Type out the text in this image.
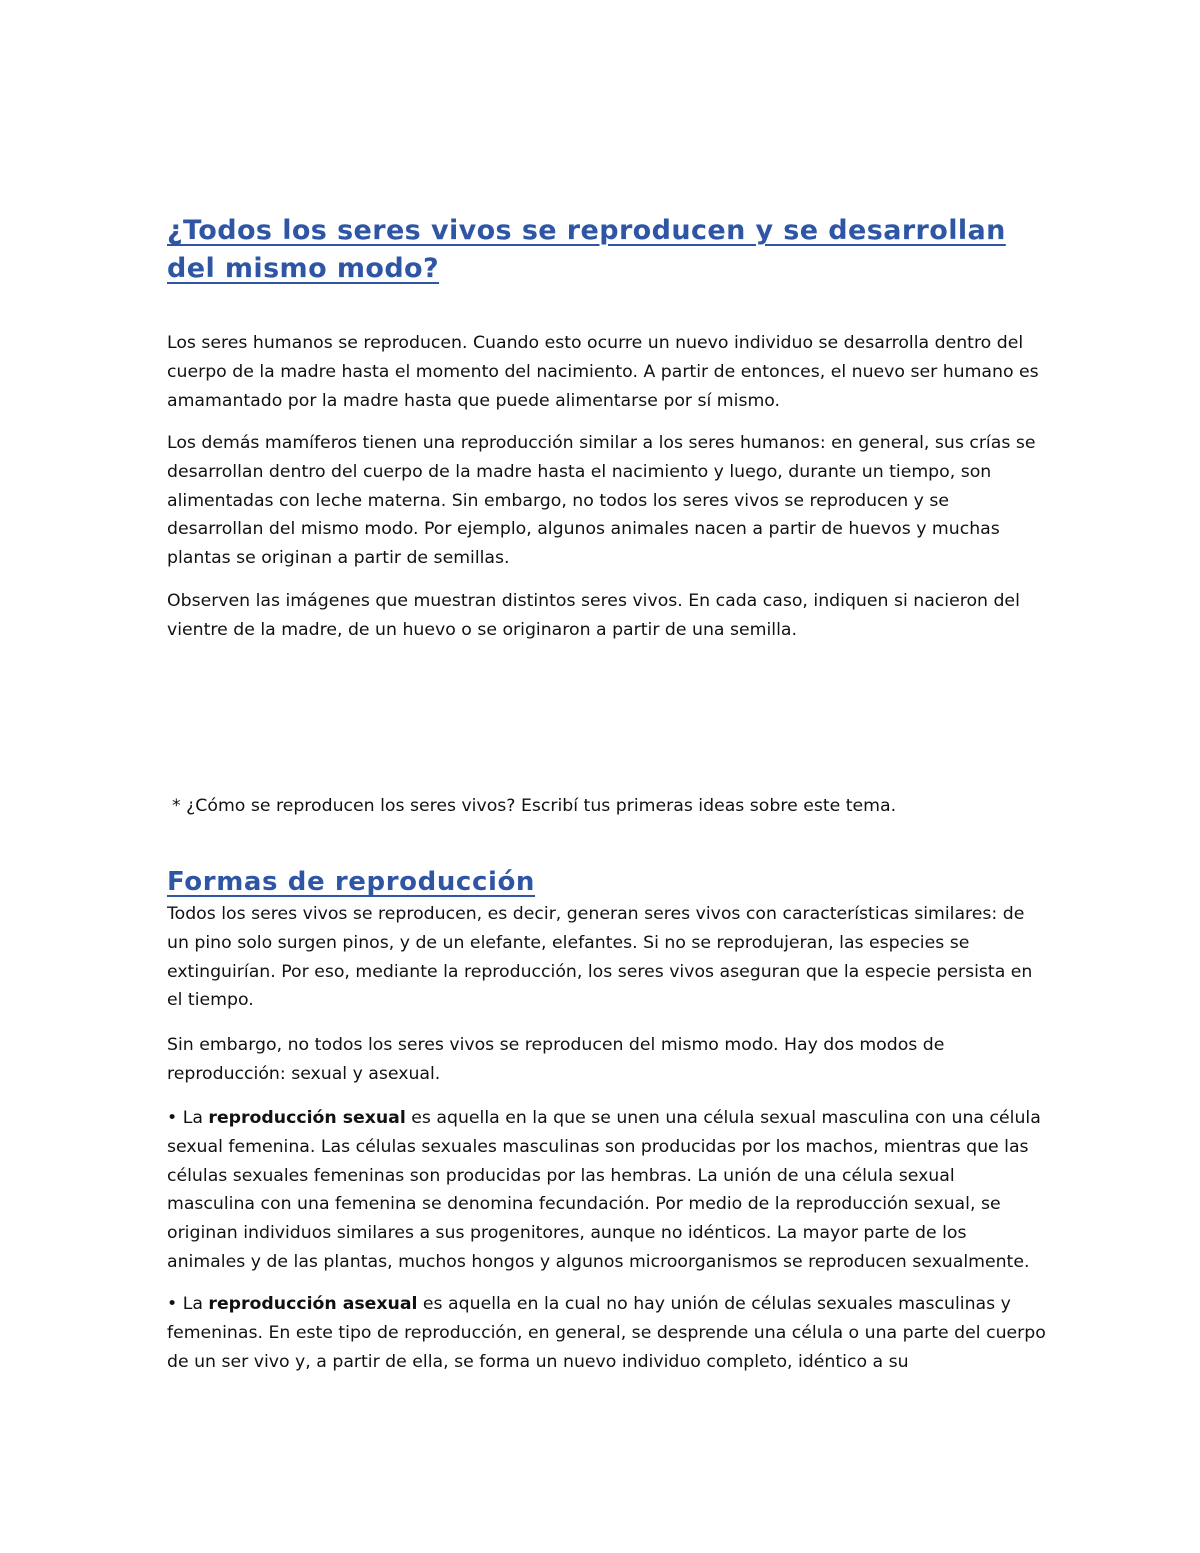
¿Todos los seres vivos se reproducen y se desarrollan del mismo modo?

Los seres humanos se reproducen. Cuando esto ocurre un nuevo individuo se desarrolla dentro del cuerpo de la madre hasta el momento del nacimiento. A partir de entonces, el nuevo ser humano es amamantado por la madre hasta que puede alimentarse por sí mismo.

Los demás mamíferos tienen una reproducción similar a los seres humanos: en general, sus crías se desarrollan dentro del cuerpo de la madre hasta el nacimiento y luego, durante un tiempo, son alimentadas con leche materna. Sin embargo, no todos los seres vivos se reproducen y se desarrollan del mismo modo. Por ejemplo, algunos animales nacen a partir de huevos y muchas plantas se originan a partir de semillas.

Observen las imágenes que muestran distintos seres vivos. En cada caso, indiquen si nacieron del vientre de la madre, de un huevo o se originaron a partir de una semilla.

* ¿Cómo se reproducen los seres vivos? Escribí tus primeras ideas sobre este tema.

Formas de reproducción

Todos los seres vivos se reproducen, es decir, generan seres vivos con características similares: de un pino solo surgen pinos, y de un elefante, elefantes. Si no se reprodujeran, las especies se extinguirían. Por eso, mediante la reproducción, los seres vivos aseguran que la especie persista en el tiempo.

Sin embargo, no todos los seres vivos se reproducen del mismo modo. Hay dos modos de reproducción: sexual y asexual.

• La reproducción sexual es aquella en la que se unen una célula sexual masculina con una célula sexual femenina. Las células sexuales masculinas son producidas por los machos, mientras que las células sexuales femeninas son producidas por las hembras. La unión de una célula sexual masculina con una femenina se denomina fecundación. Por medio de la reproducción sexual, se originan individuos similares a sus progenitores, aunque no idénticos. La mayor parte de los animales y de las plantas, muchos hongos y algunos microorganismos se reproducen sexualmente.

• La reproducción asexual es aquella en la cual no hay unión de células sexuales masculinas y femeninas. En este tipo de reproducción, en general, se desprende una célula o una parte del cuerpo de un ser vivo y, a partir de ella, se forma un nuevo individuo completo, idéntico a su
